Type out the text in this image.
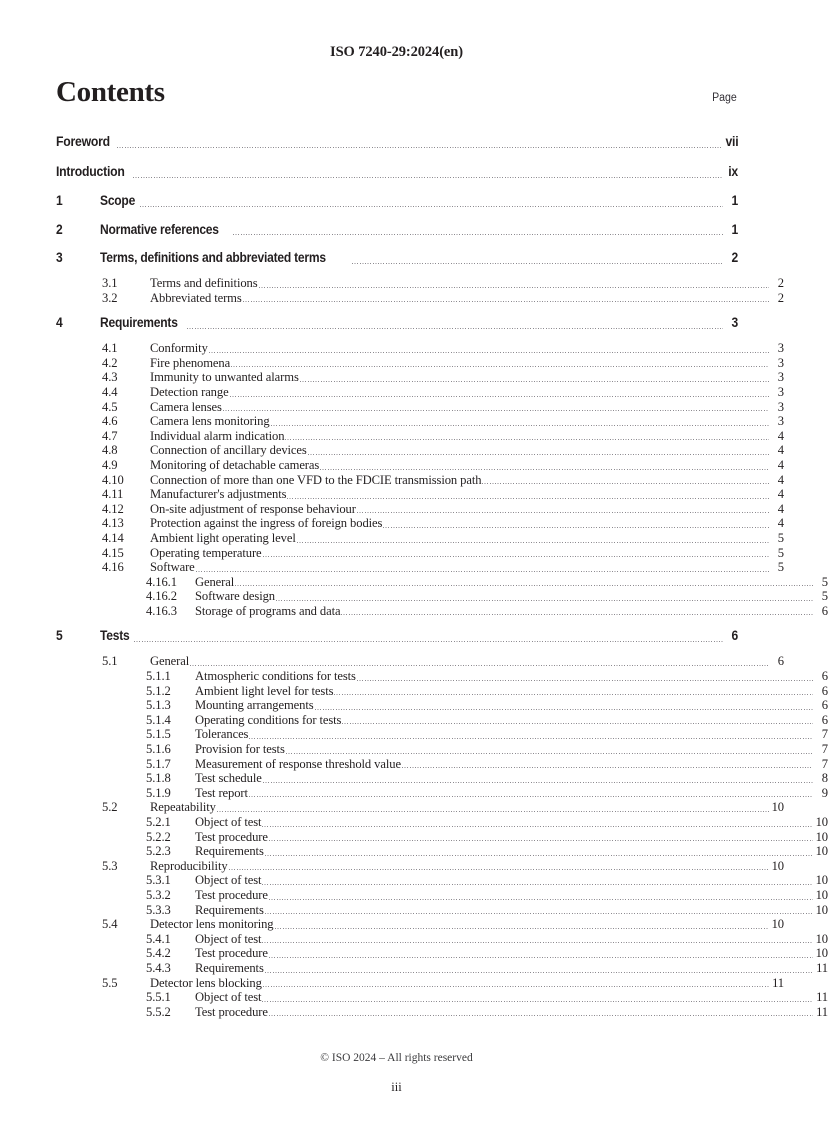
ISO 7240-29:2024(en)
Contents	Page
Foreword	vii
Introduction	ix
1	Scope	1
2	Normative references	1
3	Terms, definitions and abbreviated terms	2
3.1	Terms and definitions	2
3.2	Abbreviated terms	2
4	Requirements	3
4.1	Conformity	3
4.2	Fire phenomena	3
4.3	Immunity to unwanted alarms	3
4.4	Detection range	3
4.5	Camera lenses	3
4.6	Camera lens monitoring	3
4.7	Individual alarm indication	4
4.8	Connection of ancillary devices	4
4.9	Monitoring of detachable cameras	4
4.10	Connection of more than one VFD to the FDCIE transmission path	4
4.11	Manufacturer's adjustments	4
4.12	On-site adjustment of response behaviour	4
4.13	Protection against the ingress of foreign bodies	4
4.14	Ambient light operating level	5
4.15	Operating temperature	5
4.16	Software	5
4.16.1	General	5
4.16.2	Software design	5
4.16.3	Storage of programs and data	6
5	Tests	6
5.1	General	6
5.1.1	Atmospheric conditions for tests	6
5.1.2	Ambient light level for tests	6
5.1.3	Mounting arrangements	6
5.1.4	Operating conditions for tests	6
5.1.5	Tolerances	7
5.1.6	Provision for tests	7
5.1.7	Measurement of response threshold value	7
5.1.8	Test schedule	8
5.1.9	Test report	9
5.2	Repeatability	10
5.2.1	Object of test	10
5.2.2	Test procedure	10
5.2.3	Requirements	10
5.3	Reproducibility	10
5.3.1	Object of test	10
5.3.2	Test procedure	10
5.3.3	Requirements	10
5.4	Detector lens monitoring	10
5.4.1	Object of test	10
5.4.2	Test procedure	10
5.4.3	Requirements	11
5.5	Detector lens blocking	11
5.5.1	Object of test	11
5.5.2	Test procedure	11
© ISO 2024 – All rights reserved
iii
